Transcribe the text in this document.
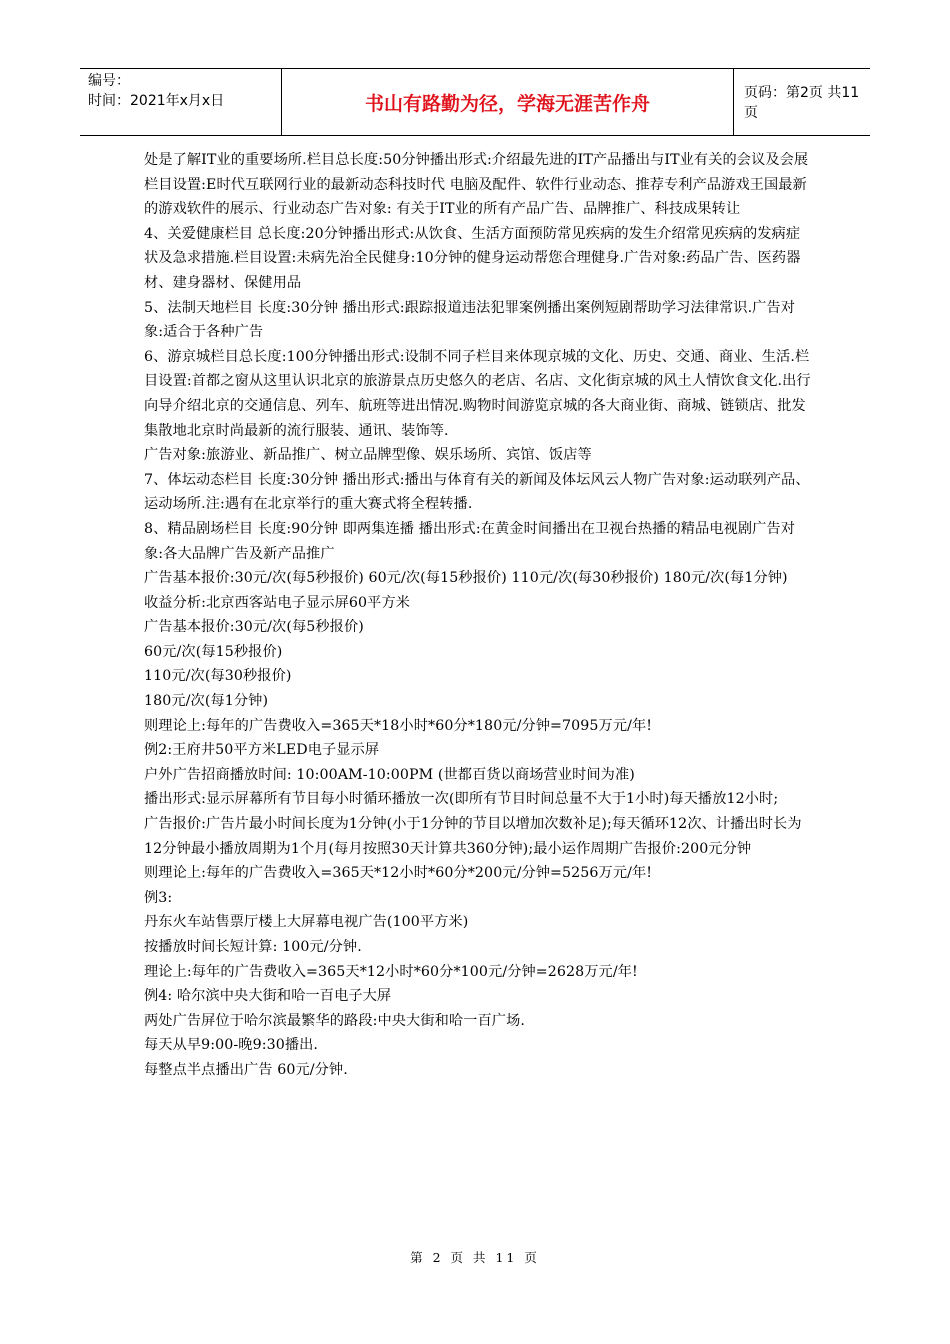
编号：
时间：2021年x月x日	书山有路勤为径，学海无涯苦作舟	页码：第2页 共11页

处是了解IT业的重要场所.栏目总长度:50分钟播出形式:介绍最先进的IT产品播出与IT业有关的会议及会展栏目设置:E时代互联网行业的最新动态科技时代 电脑及配件、软件行业动态、推荐专利产品游戏王国最新的游戏软件的展示、行业动态广告对象: 有关于IT业的所有产品广告、品牌推广、科技成果转让

4、关爱健康栏目 总长度:20分钟播出形式:从饮食、生活方面预防常见疾病的发生介绍常见疾病的发病症状及急求措施.栏目设置:未病先治全民健身:10分钟的健身运动帮您合理健身.广告对象:药品广告、医药器材、建身器材、保健用品

5、法制天地栏目 长度:30分钟 播出形式:跟踪报道违法犯罪案例播出案例短剧帮助学习法律常识.广告对象:适合于各种广告

6、游京城栏目总长度:100分钟播出形式:设制不同子栏目来体现京城的文化、历史、交通、商业、生活.栏目设置:首都之窗从这里认识北京的旅游景点历史悠久的老店、名店、文化街京城的风土人情饮食文化.出行向导介绍北京的交通信息、列车、航班等进出情况.购物时间游览京城的各大商业街、商城、链锁店、批发集散地北京时尚最新的流行服装、通讯、装饰等.

广告对象:旅游业、新品推广、树立品牌型像、娱乐场所、宾馆、饭店等

7、体坛动态栏目 长度:30分钟 播出形式:播出与体育有关的新闻及体坛风云人物广告对象:运动联列产品、运动场所.注:遇有在北京举行的重大赛式将全程转播.

8、精品剧场栏目 长度:90分钟 即两集连播 播出形式:在黄金时间播出在卫视台热播的精品电视剧广告对象:各大品牌广告及新产品推广

广告基本报价:30元/次(每5秒报价) 60元/次(每15秒报价) 110元/次(每30秒报价) 180元/次(每1分钟)

收益分析:北京西客站电子显示屏60平方米

广告基本报价:30元/次(每5秒报价)

60元/次(每15秒报价)

110元/次(每30秒报价)

180元/次(每1分钟)

则理论上:每年的广告费收入=365天*18小时*60分*180元/分钟=7095万元/年!

例2:王府井50平方米LED电子显示屏

户外广告招商播放时间: 10:00AM-10:00PM (世都百货以商场营业时间为准)

播出形式:显示屏幕所有节目每小时循环播放一次(即所有节目时间总量不大于1小时)每天播放12小时;

广告报价:广告片最小时间长度为1分钟(小于1分钟的节目以增加次数补足);每天循环12次、计播出时长为12分钟最小播放周期为1个月(每月按照30天计算共360分钟);最小运作周期广告报价:200元分钟

则理论上:每年的广告费收入=365天*12小时*60分*200元/分钟=5256万元/年!

例3:

丹东火车站售票厅楼上大屏幕电视广告(100平方米)

按播放时间长短计算: 100元/分钟.

理论上:每年的广告费收入=365天*12小时*60分*100元/分钟=2628万元/年!

例4: 哈尔滨中央大街和哈一百电子大屏

两处广告屏位于哈尔滨最繁华的路段:中央大街和哈一百广场.

每天从早9:00-晚9:30播出.

每整点半点播出广告 60元/分钟.

第 2 页 共 11 页
